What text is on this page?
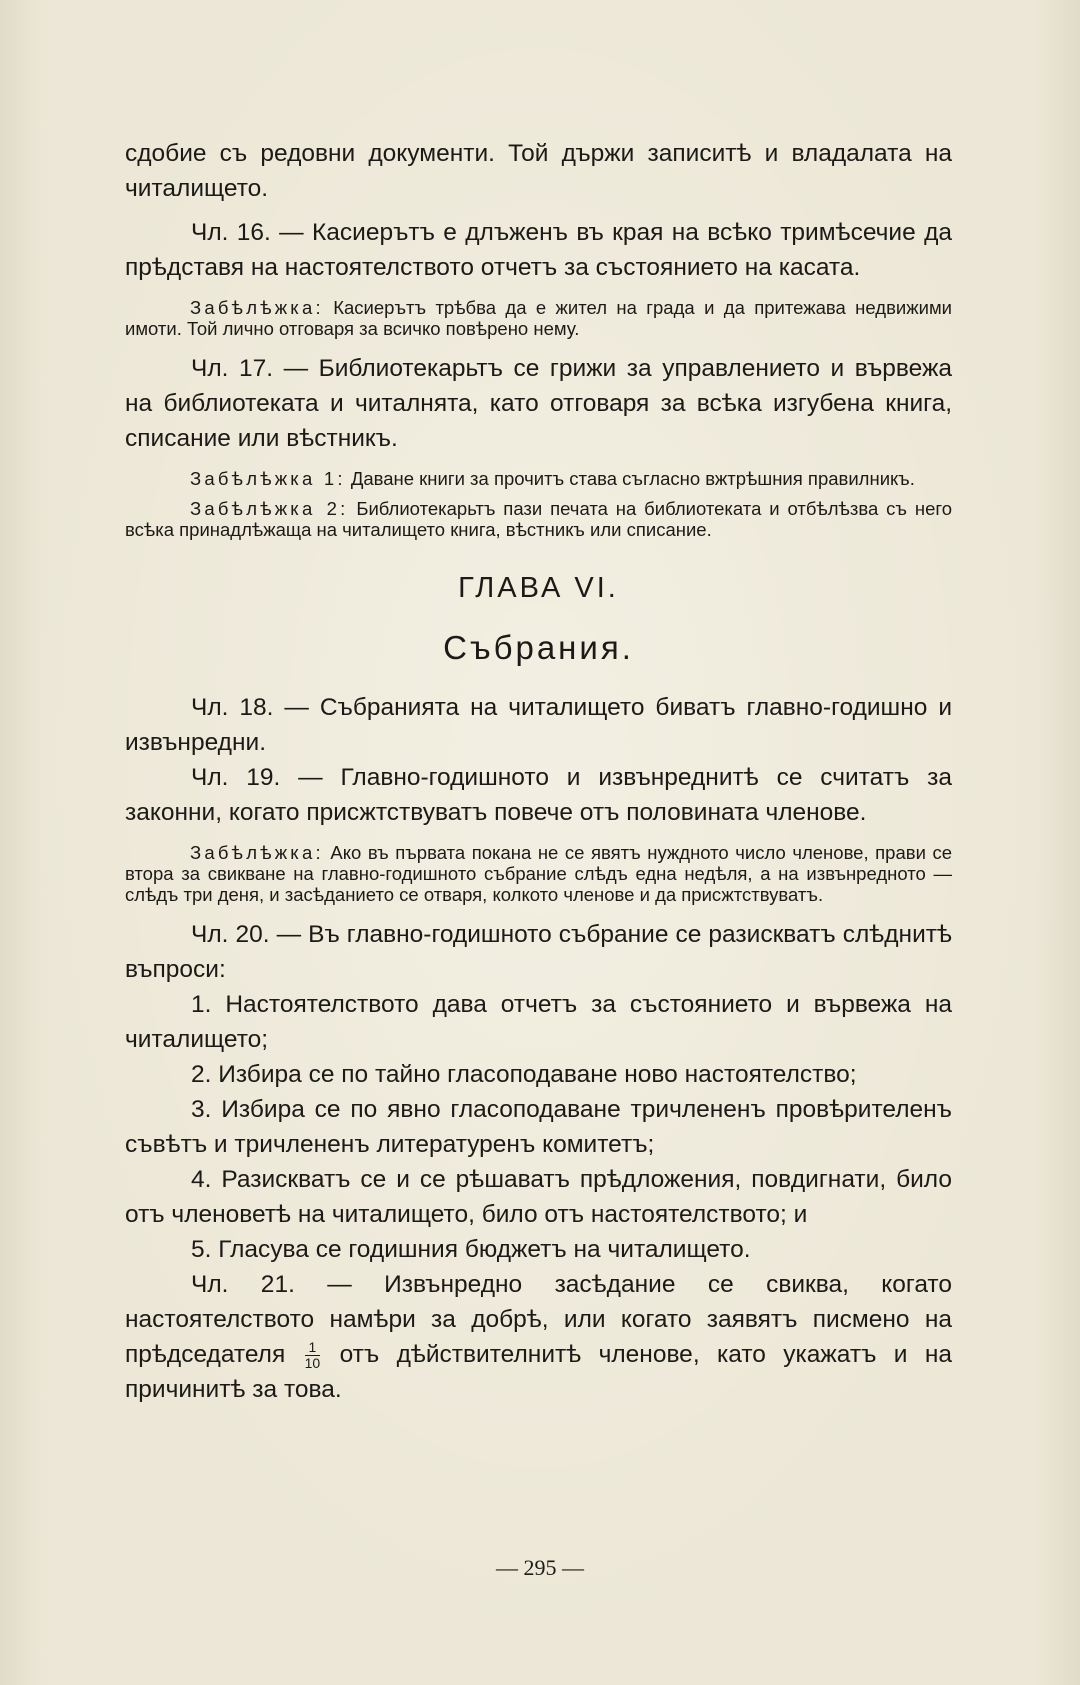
сдобие съ редовни документи. Той държи записитѣ и владалата на читалището.

Чл. 16. — Касиерътъ е длъженъ въ края на всѣко тримѣсечие да прѣдставя на настоятелството отчетъ за състоянието на касата.

Забѣлѣжка: Касиерътъ трѣбва да е жител на града и да притежава недвижими имоти. Той лично отговаря за всичко повѣрено нему.

Чл. 17. — Библиотекарьтъ се грижи за управлението и вървежа на библиотеката и читалнята, като отговаря за всѣка изгубена книга, списание или вѣстникъ.

Забѣлѣжка 1: Даване книги за прочитъ става съгласно вжтрѣшния правилникъ.

Забѣлѣжка 2: Библиотекарьтъ пази печата на библиотеката и отбѣлѣзва съ него всѣка принадлѣжаща на читалището книга, вѣстникъ или списание.

ГЛАВА VI.

Събрания.

Чл. 18. — Събранията на читалището биватъ главно-годишно и извънредни.

Чл. 19. — Главно-годишното и извънреднитѣ се считатъ за законни, когато присжтствуватъ повече отъ половината членове.

Забѣлѣжка: Ако въ първата покана не се явятъ нуждното число членове, прави се втора за свикване на главно-годишното събрание слѣдъ една недѣля, а на извънредното — слѣдъ три деня, и засѣданието се отваря, колкото членове и да присжтствуватъ.

Чл. 20. — Въ главно-годишното събрание се разискватъ слѣднитѣ въпроси:

1. Настоятелството дава отчетъ за състоянието и вървежа на читалището;

2. Избира се по тайно гласоподаване ново настоятелство;

3. Избира се по явно гласоподаване тричлененъ провѣрителенъ съвѣтъ и тричлененъ литературенъ комитетъ;

4. Разискватъ се и се рѣшаватъ прѣдложения, повдигнати, било отъ членоветѣ на читалището, било отъ настоятелството; и

5. Гласува се годишния бюджетъ на читалището.

Чл. 21. — Извънредно засѣдание се свиква, когато настоятелството намѣри за добрѣ, или когато заявятъ писмено на прѣдседателя $\frac{1}{10}$ отъ дѣйствителнитѣ членове, като укажатъ и на причинитѣ за това.

— 295 —
